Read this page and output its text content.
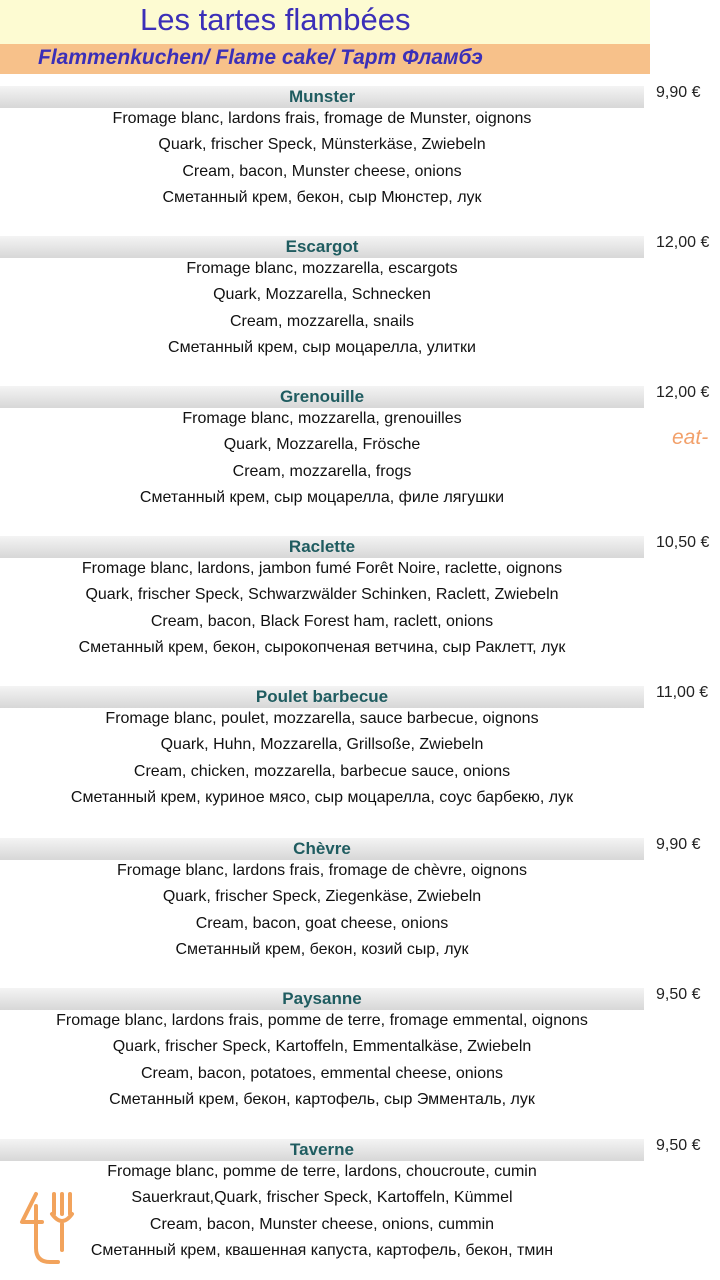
Les tartes flambées
Flammenkuchen/ Flame cake/ Тарт Фламбэ
Munster	9,90 €
Fromage blanc, lardons frais, fromage de Munster, oignons
Quark, frischer Speck, Münsterkäse, Zwiebeln
Cream, bacon, Munster cheese, onions
Сметанный крем, бекон, сыр Мюнстер, лук
Escargot	12,00 €
Fromage blanc, mozzarella, escargots
Quark, Mozzarella, Schnecken
Cream, mozzarella, snails
Сметанный крем, сыр моцарелла, улитки
Grenouille	12,00 €
Fromage blanc, mozzarella, grenouilles
Quark, Mozzarella, Frösche
Cream, mozzarella, frogs
Сметанный крем, сыр моцарелла, филе лягушки
Raclette	10,50 €
Fromage blanc, lardons, jambon fumé Forêt Noire, raclette, oignons
Quark, frischer Speck, Schwarzwälder Schinken, Raclett, Zwiebeln
Cream, bacon, Black Forest ham, raclett, onions
Сметанный крем, бекон, сырокопченая ветчина, сыр Раклетт, лук
Poulet barbecue	11,00 €
Fromage blanc, poulet, mozzarella, sauce barbecue, oignons
Quark, Huhn, Mozzarella, Grillsoße, Zwiebeln
Cream, chicken, mozzarella, barbecue sauce, onions
Сметанный крем, куриное мясо, сыр моцарелла, соус барбекю, лук
Chèvre	9,90 €
Fromage blanc, lardons frais, fromage de chèvre, oignons
Quark, frischer Speck, Ziegenkäse, Zwiebeln
Cream, bacon, goat cheese, onions
Сметанный крем, бекон, козий сыр, лук
Paysanne	9,50 €
Fromage blanc, lardons frais, pomme de terre, fromage emmental, oignons
Quark, frischer Speck, Kartoffeln, Emmentalkäse, Zwiebeln
Cream, bacon, potatoes, emmental cheese, onions
Сметанный крем, бекон, картофель, сыр Эмменталь, лук
Taverne	9,50 €
Fromage blanc, pomme de terre, lardons, choucroute, cumin
Sauerkraut,Quark, frischer Speck, Kartoffeln, Kümmel
Cream, bacon, Munster cheese, onions, cummin
Сметанный крем, квашенная капуста, картофель, бекон, тмин
eat-
